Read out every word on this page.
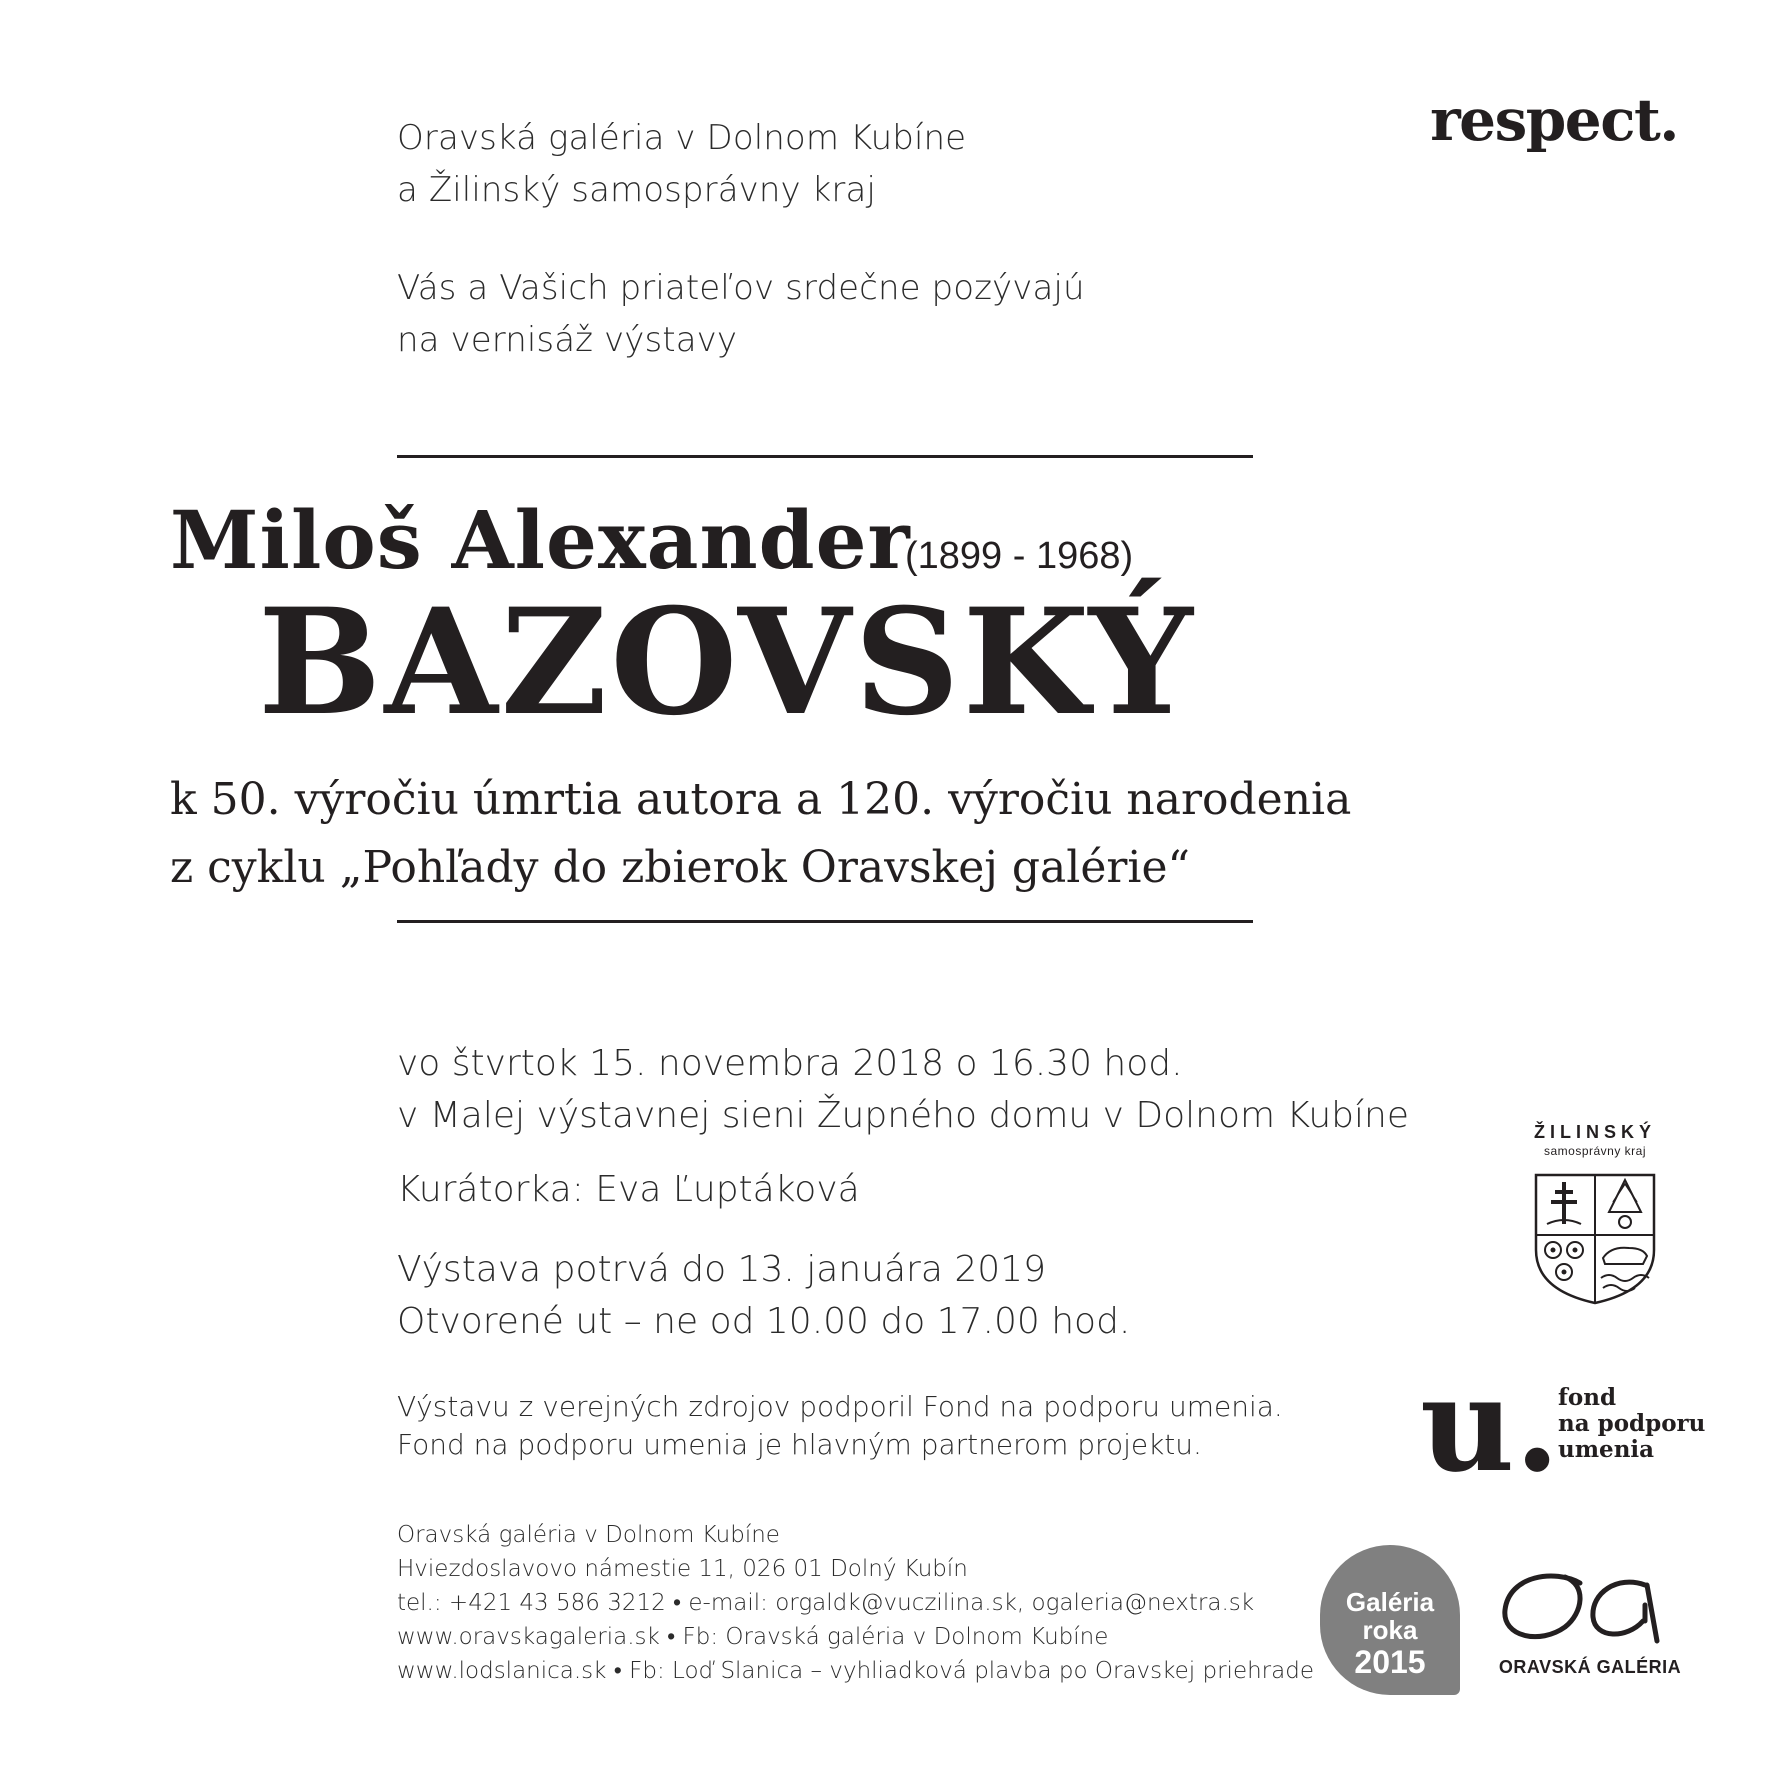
Oravská galéria v Dolnom Kubíne
a Žilinský samosprávny kraj
Vás a Vašich priateľov srdečne pozývajú
na vernisáž výstavy
respect.
Miloš Alexander
(1899 - 1968)
BAZOVSKÝ
k 50. výročiu úmrtia autora a 120. výročiu narodenia
z cyklu „Pohľady do zbierok Oravskej galérie“
vo štvrtok 15. novembra 2018 o 16.30 hod.
v Malej výstavnej sieni Župného domu v Dolnom Kubíne
Kurátorka: Eva Ľuptáková
Výstava potrvá do 13. januára 2019
Otvorené ut – ne od 10.00 do 17.00 hod.
Výstavu z verejných zdrojov podporil Fond na podporu umenia.
Fond na podporu umenia je hlavným partnerom projektu.
Oravská galéria v Dolnom Kubíne
Hviezdoslavovo námestie 11, 026 01 Dolný Kubín
tel.: +421 43 586 3212 • e-mail: orgaldk@vuczilina.sk, ogaleria@nextra.sk
www.oravskagaleria.sk • Fb: Oravská galéria v Dolnom Kubíne
www.lodslanica.sk • Fb: Loď Slanica – vyhliadková plavba po Oravskej priehrade
ŽILINSKÝ
samosprávny kraj
u.
fond
na podporu
umenia
Galéria
roka
2015	ORAVSKÁ GALÉRIA
